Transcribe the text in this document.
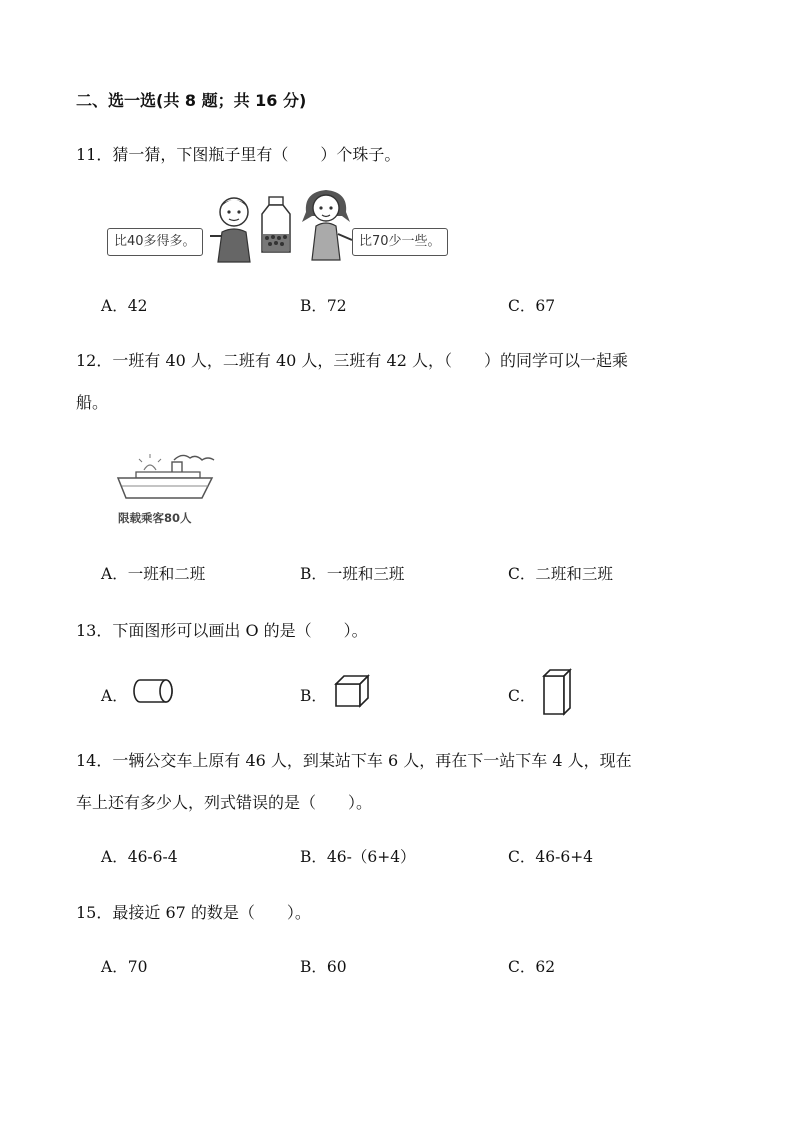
二、选一选(共 8 题；共 16 分)
11．猜一猜，下图瓶子里有（　　）个珠子。
比40多得多。	比70少一些。
A．42	B．72	C．67
12．一班有 40 人，二班有 40 人，三班有 42 人，（　　）的同学可以一起乘
船。
限载乘客80人
A．一班和二班	B．一班和三班	C．二班和三班
13．下面图形可以画出 O 的是（　　）。
A．	B．	C．
14．一辆公交车上原有 46 人，到某站下车 6 人，再在下一站下车 4 人，现在
车上还有多少人，列式错误的是（　　）。
A．46-6-4	B．46-（6+4）	C．46-6+4
15．最接近 67 的数是（　　）。
A．70	B．60	C．62
